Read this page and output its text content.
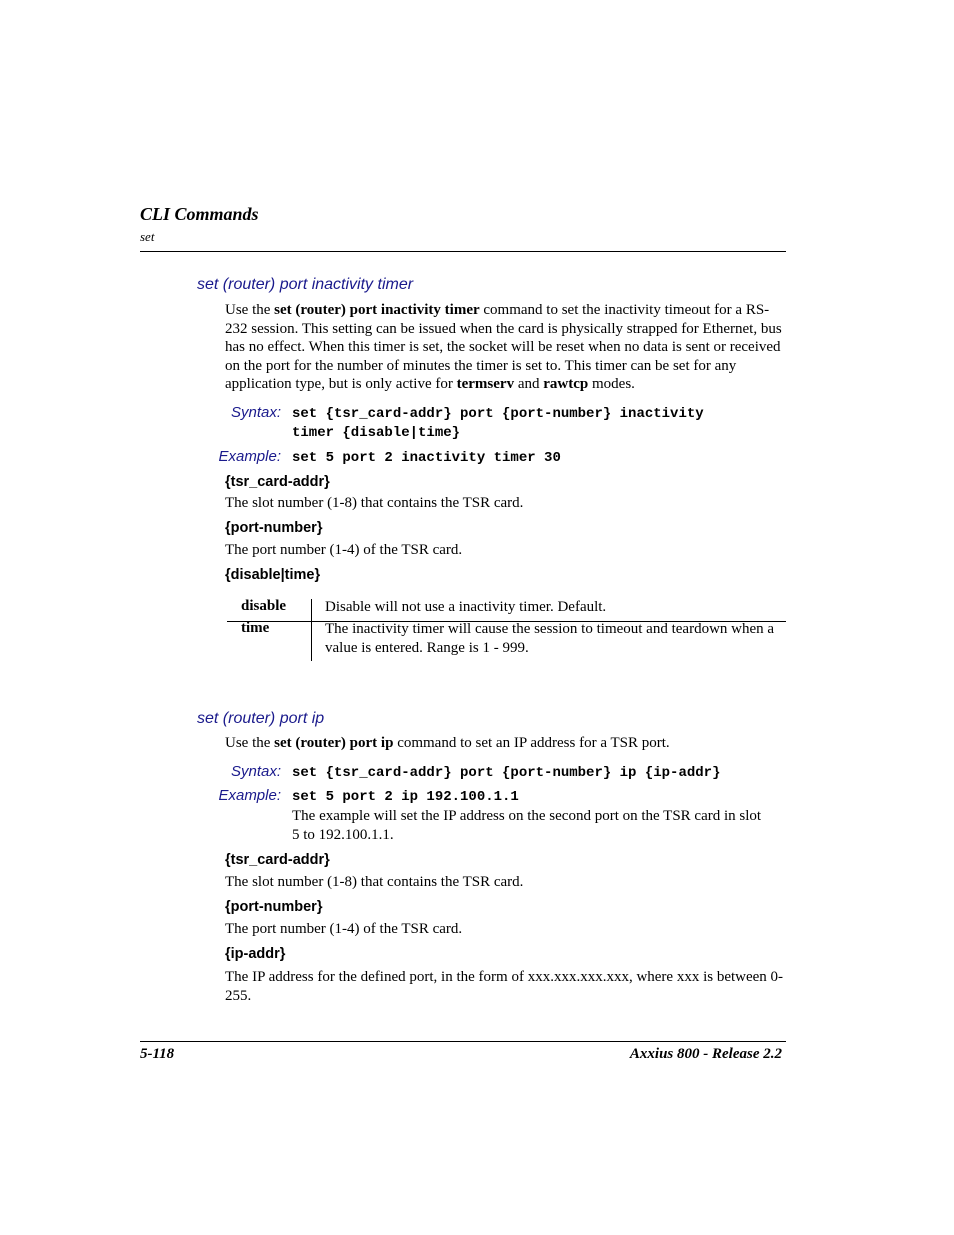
CLI Commands
set
set (router) port inactivity timer
Use the set (router) port inactivity timer command to set the inactivity timeout for a RS-232 session. This setting can be issued when the card is physically strapped for Ethernet, bus has no effect. When this timer is set, the socket will be reset when no data is sent or received on the port for the number of minutes the timer is set to. This timer can be set for any application type, but is only active for termserv and rawtcp modes.
Syntax: set {tsr_card-addr} port {port-number} inactivity
timer {disable|time}
Example: set 5 port 2 inactivity timer 30
{tsr_card-addr}
The slot number (1-8) that contains the TSR card.
{port-number}
The port number (1-4) of the TSR card.
{disable|time}
disable	Disable will not use a inactivity timer. Default.
time	The inactivity timer will cause the session to timeout and teardown when a value is entered. Range is 1 - 999.
set (router) port ip
Use the set (router) port ip command to set an IP address for a TSR port.
Syntax: set {tsr_card-addr} port {port-number} ip {ip-addr}
Example: set 5 port 2 ip 192.100.1.1
The example will set the IP address on the second port on the TSR card in slot 5 to 192.100.1.1.
{tsr_card-addr}
The slot number (1-8) that contains the TSR card.
{port-number}
The port number (1-4) of the TSR card.
{ip-addr}
The IP address for the defined port, in the form of xxx.xxx.xxx.xxx, where xxx is between 0-255.
5-118	Axxius 800 - Release 2.2
